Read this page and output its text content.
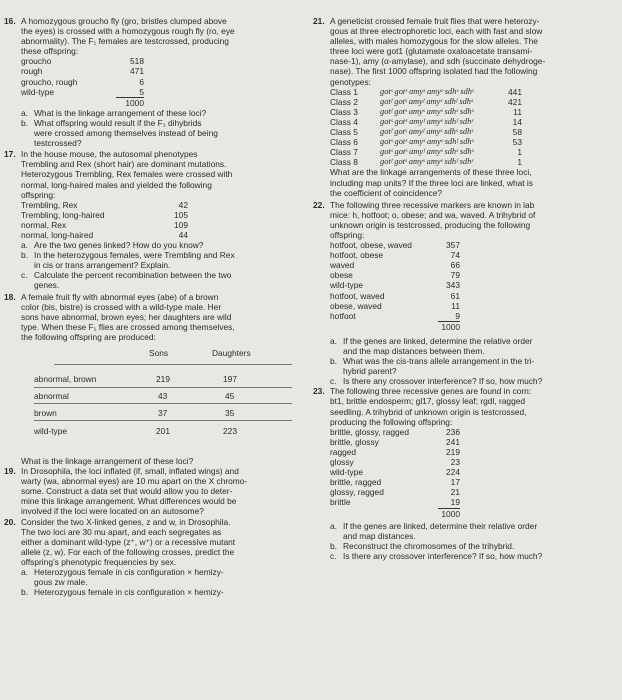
16. A homozygous groucho fly (gro, bristles clumped above

the eyes) is crossed with a homozygous rough fly (ro, eye

abnormality). The F₁ females are testcrossed, producing

these offspring:

groucho	518
rough	471
groucho, rough	6
wild-type	5
1000
a. What is the linkage arrangement of these loci?

b. What offspring would result if the F₁ dihybrids

were crossed among themselves instead of being

testcrossed?

17. In the house mouse, the autosomal phenotypes

Trembling and Rex (short hair) are dominant mutations.

Heterozygous Trembling, Rex females were crossed with

normal, long-haired males and yielded the following

offspring:

Trembling, Rex	42
Trembling, long-haired	105
normal, Rex	109
normal, long-haired	44
a. Are the two genes linked? How do you know?

b. In the heterozygous females, were Trembling and Rex

in cis or trans arrangement? Explain.

c. Calculate the percent recombination between the two

genes.

18. A female fruit fly with abnormal eyes (abe) of a brown

color (bis, bistre) is crossed with a wild-type male. Her

sons have abnormal, brown eyes; her daughters are wild

type. When these F₁ flies are crossed among themselves,

the following offspring are produced:

Sons	Daughters
abnormal, brown	219	197
abnormal	43	45
brown	37	35
wild-type	201	223

What is the linkage arrangement of these loci?

19. In Drosophila, the loci inflated (if, small, inflated wings) and

warty (wa, abnormal eyes) are 10 mu apart on the X chromo-

some. Construct a data set that would allow you to deter-

mine this linkage arrangement. What differences would be

involved if the loci were located on an autosome?

20. Consider the two X-linked genes, z and w, in Drosophila.

The two loci are 30 mu apart, and each segregates as

either a dominant wild-type (z⁺, w⁺) or a recessive mutant

allele (z, w). For each of the following crosses, predict the

offspring’s phenotypic frequencies by sex.

a. Heterozygous female in cis configuration × hemizy-

gous zw male.

b. Heterozygous female in cis configuration × hemizy-

21. A geneticist crossed female fruit flies that were heterozy-

gous at three electrophoretic loci, each with fast and slow

alleles, with males homozygous for the slow alleles. The

three loci were got1 (glutamate oxaloacetate transami-

nase-1), amy (α-amylase), and sdh (succinate dehydroge-

nase). The first 1000 offspring isolated had the following

genotypes:

Class 1	gotˢ gotˢ amyˢ amyˢ sdhˢ sdhˢ	441
Class 2	gotᶠ gotˢ amyᶠ amyˢ sdhᶠ sdhˢ	421
Class 3	gotᶠ gotˢ amyˢ amyˢ sdhˢ sdhˢ	11
Class 4	gotˢ gotˢ amyᶠ amyˢ sdhᶠ sdhˢ	14
Class 5	gotᶠ gotˢ amyᶠ amyˢ sdhˢ sdhˢ	58
Class 6	gotˢ gotˢ amyˢ amyˢ sdhᶠ sdhˢ	53
Class 7	gotˢ gotˢ amyᶠ amyˢ sdhˢ sdhˢ	1
Class 8	gotᶠ gotˢ amyˢ amyˢ sdhᶠ sdhˢ	1

What are the linkage arrangements of these three loci,

including map units? If the three loci are linked, what is

the coefficient of coincidence?

22. The following three recessive markers are known in lab

mice: h, hotfoot; o, obese; and wa, waved. A trihybrid of

unknown origin is testcrossed, producing the following

offspring:

hotfoot, obese, waved	357
hotfoot, obese	74
waved	66
obese	79
wild-type	343
hotfoot, waved	61
obese, waved	11
hotfoot	9
1000
a. If the genes are linked, determine the relative order

and the map distances between them.

b. What was the cis-trans allele arrangement in the tri-

hybrid parent?

c. Is there any crossover interference? If so, how much?

23. The following three recessive genes are found in corn:

bt1, brittle endosperm; gl17, glossy leaf; rgdl, ragged

seedling. A trihybrid of unknown origin is testcrossed,

producing the following offspring:

brittle, glossy, ragged	236
brittle, glossy	241
ragged	219
glossy	23
wild-type	224
brittle, ragged	17
glossy, ragged	21
brittle	19
1000
a. If the genes are linked, determine their relative order

and map distances.

b. Reconstruct the chromosomes of the trihybrid.

c. Is there any crossover interference? If so, how much?
